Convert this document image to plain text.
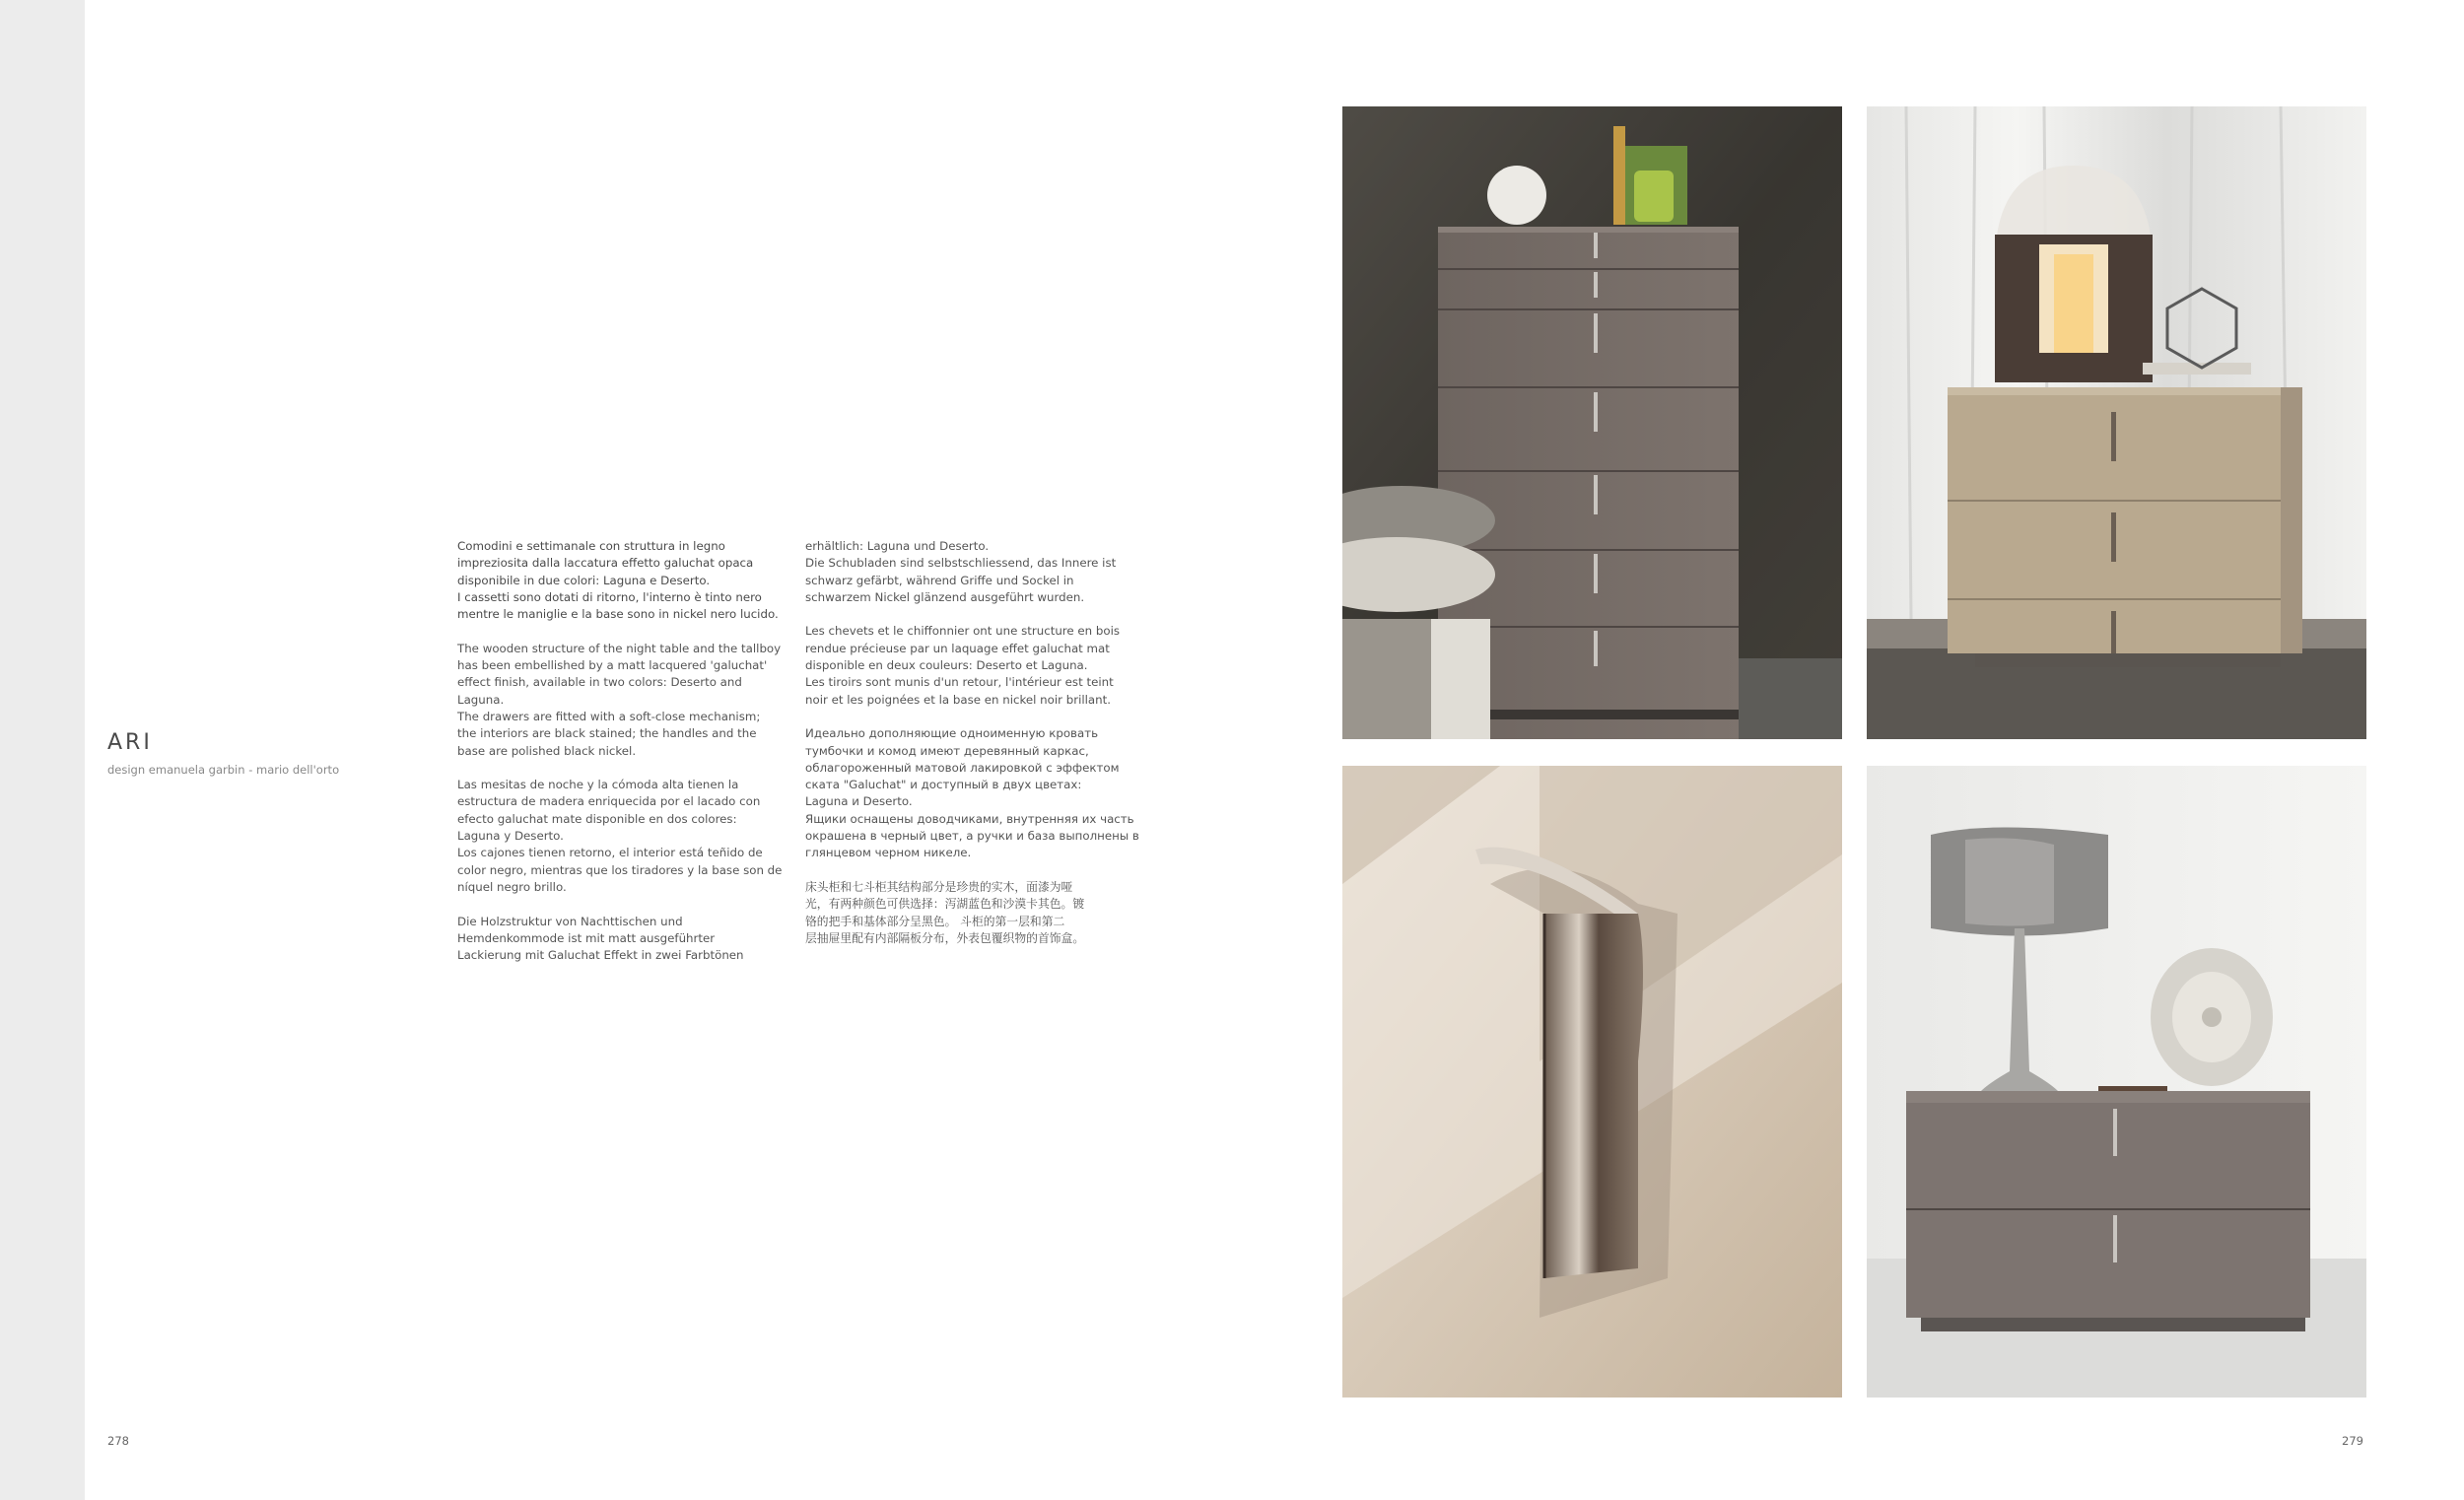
ARI
design emanuela garbin - mario dell'orto

Comodini e settimanale con struttura in legno
impreziosita dalla laccatura effetto galuchat opaca
disponibile in due colori: Laguna e Deserto.
I cassetti sono dotati di ritorno, l'interno è tinto nero
mentre le maniglie e la base sono in nickel nero lucido.

The wooden structure of the night table and the tallboy
has been embellished by a matt lacquered 'galuchat'
effect finish, available in two colors: Deserto and
Laguna.
The drawers are fitted with a soft-close mechanism;
the interiors are black stained; the handles and the
base are polished black nickel.

Las mesitas de noche y la cómoda alta tienen la
estructura de madera enriquecida por el lacado con
efecto galuchat mate disponible en dos colores:
Laguna y Deserto.
Los cajones tienen retorno, el interior está teñido de
color negro, mientras que los tiradores y la base son de
níquel negro brillo.

Die Holzstruktur von Nachttischen und
Hemdenkommode ist mit matt ausgeführter
Lackierung mit Galuchat Effekt in zwei Farbtönen

erhältlich: Laguna und Deserto.
Die Schubladen sind selbstschliessend, das Innere ist
schwarz gefärbt, während Griffe und Sockel in
schwarzem Nickel glänzend ausgeführt wurden.

Les chevets et le chiffonnier ont une structure en bois
rendue précieuse par un laquage effet galuchat mat
disponible en deux couleurs: Deserto et Laguna.
Les tiroirs sont munis d'un retour, l'intérieur est teint
noir et les poignées et la base en nickel noir brillant.

Идеально дополняющие одноименную кровать
тумбочки и комод имеют деревянный каркас,
облагороженный матовой лакировкой с эффектом
ската "Galuchat" и доступный в двух цветах:
Laguna и Deserto.
Ящики оснащены доводчиками, внутренняя их часть
окрашена в черный цвет, а ручки и база выполнены в
глянцевом черном никеле.

床头柜和七斗柜其结构部分是珍贵的实木，面漆为哑
光，有两种颜色可供选择：泻湖蓝色和沙漠卡其色。镀
铬的把手和基体部分呈黑色。 斗柜的第一层和第二
层抽屉里配有内部隔板分布，外表包覆织物的首饰盒。

278	279
